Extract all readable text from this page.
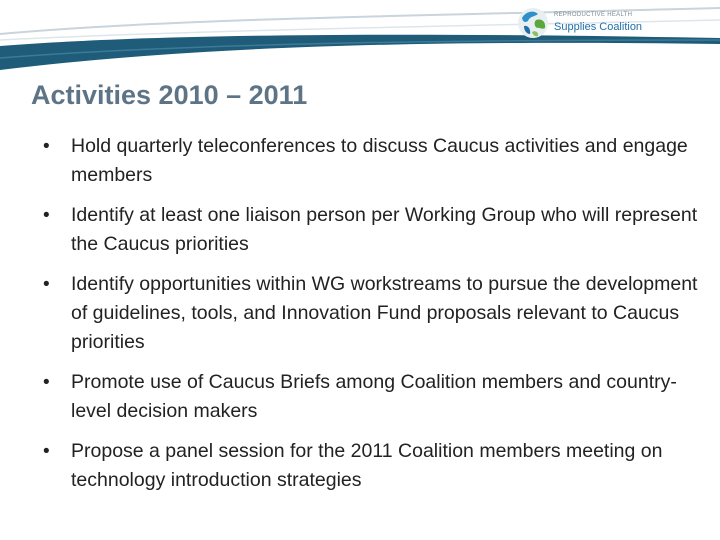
REPRODUCTIVE HEALTH
Supplies Coalition
Activities 2010 – 2011
• Hold quarterly teleconferences to discuss Caucus activities and engage members
• Identify at least one liaison person per Working Group who will represent the Caucus priorities
• Identify opportunities within WG workstreams to pursue the development of guidelines, tools, and Innovation Fund proposals relevant to Caucus priorities
• Promote use of Caucus Briefs among Coalition members and country-level decision makers
• Propose a panel session for the 2011 Coalition members meeting on technology introduction strategies
